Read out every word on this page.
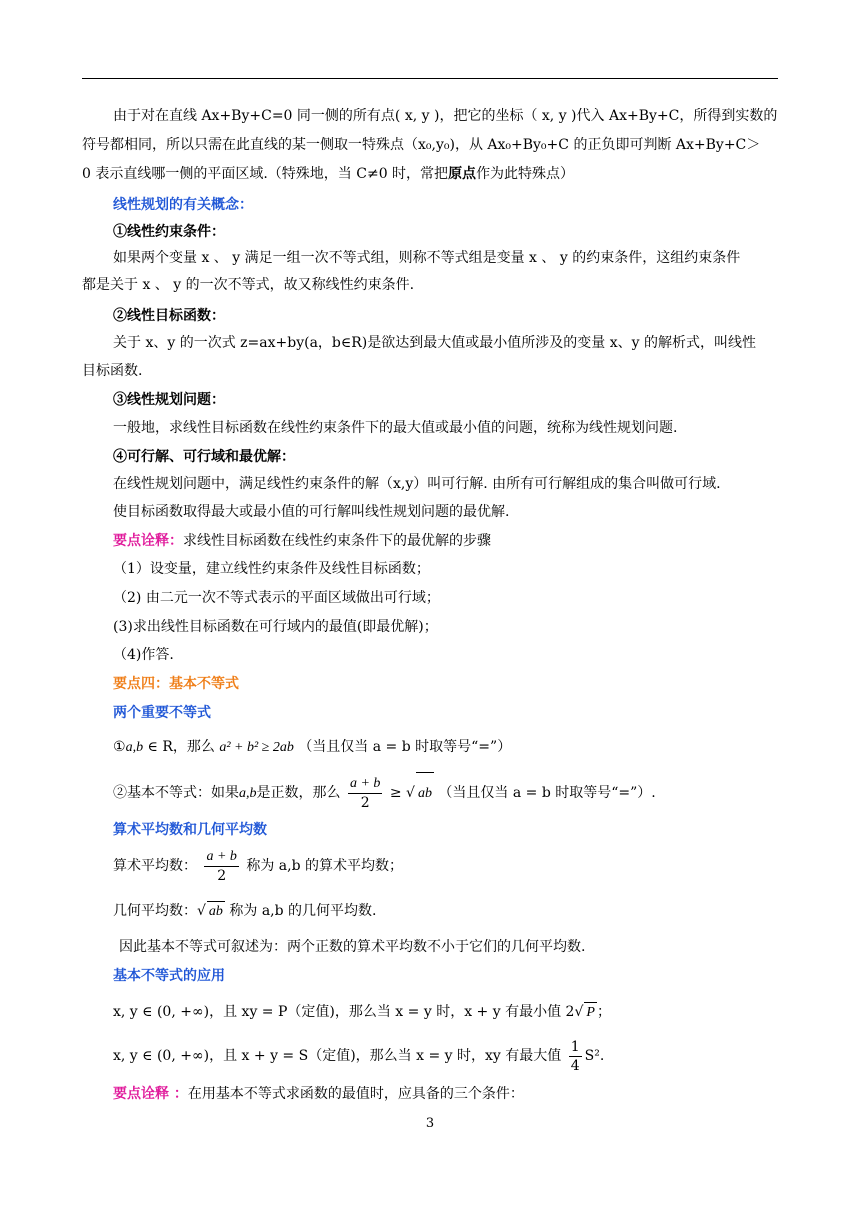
由于对在直线 Ax+By+C=0 同一侧的所有点( x, y )，把它的坐标（ x, y )代入 Ax+By+C，所得到实数的
符号都相同，所以只需在此直线的某一侧取一特殊点（x₀,y₀)，从 Ax₀+By₀+C 的正负即可判断 Ax+By+C＞
0 表示直线哪一侧的平面区域.（特殊地，当 C≠0 时，常把原点作为此特殊点）
线性规划的有关概念：
①线性约束条件：
如果两个变量 x 、 y 满足一组一次不等式组，则称不等式组是变量 x 、 y 的约束条件，这组约束条件
都是关于 x 、 y 的一次不等式，故又称线性约束条件.
②线性目标函数：
关于 x、y 的一次式 z=ax+by(a，b∈R)是欲达到最大值或最小值所涉及的变量 x、y 的解析式，叫线性
目标函数.
③线性规划问题：
一般地，求线性目标函数在线性约束条件下的最大值或最小值的问题，统称为线性规划问题.
④可行解、可行域和最优解：
在线性规划问题中，满足线性约束条件的解（x,y）叫可行解. 由所有可行解组成的集合叫做可行域.
使目标函数取得最大或最小值的可行解叫线性规划问题的最优解.
要点诠释：求线性目标函数在线性约束条件下的最优解的步骤
（1）设变量，建立线性约束条件及线性目标函数；
（2) 由二元一次不等式表示的平面区域做出可行域；
(3)求出线性目标函数在可行域内的最值(即最优解)；
（4)作答.
要点四：基本不等式
两个重要不等式
①a,b ∈ R，那么 a² + b² ≥ 2ab （当且仅当 a = b 时取等号“=”）
②基本不等式：如果a,b是正数，那么 $\frac{a + b}{2}$ ≥ √ ab （当且仅当 a = b 时取等号“=”）.
算术平均数和几何平均数
算术平均数： $\frac{a + b}{2}$ 称为 a,b 的算术平均数；
几何平均数：√ ab 称为 a,b 的几何平均数.
因此基本不等式可叙述为：两个正数的算术平均数不小于它们的几何平均数.
基本不等式的应用
x, y ∈ (0, +∞)，且 xy = P（定值)，那么当 x = y 时，x + y 有最小值 2√ P ；
x, y ∈ (0, +∞)，且 x + y = S（定值)，那么当 x = y 时，xy 有最大值 $\frac{1}{4} S^2$.
要点诠释 ：在用基本不等式求函数的最值时，应具备的三个条件：
3
